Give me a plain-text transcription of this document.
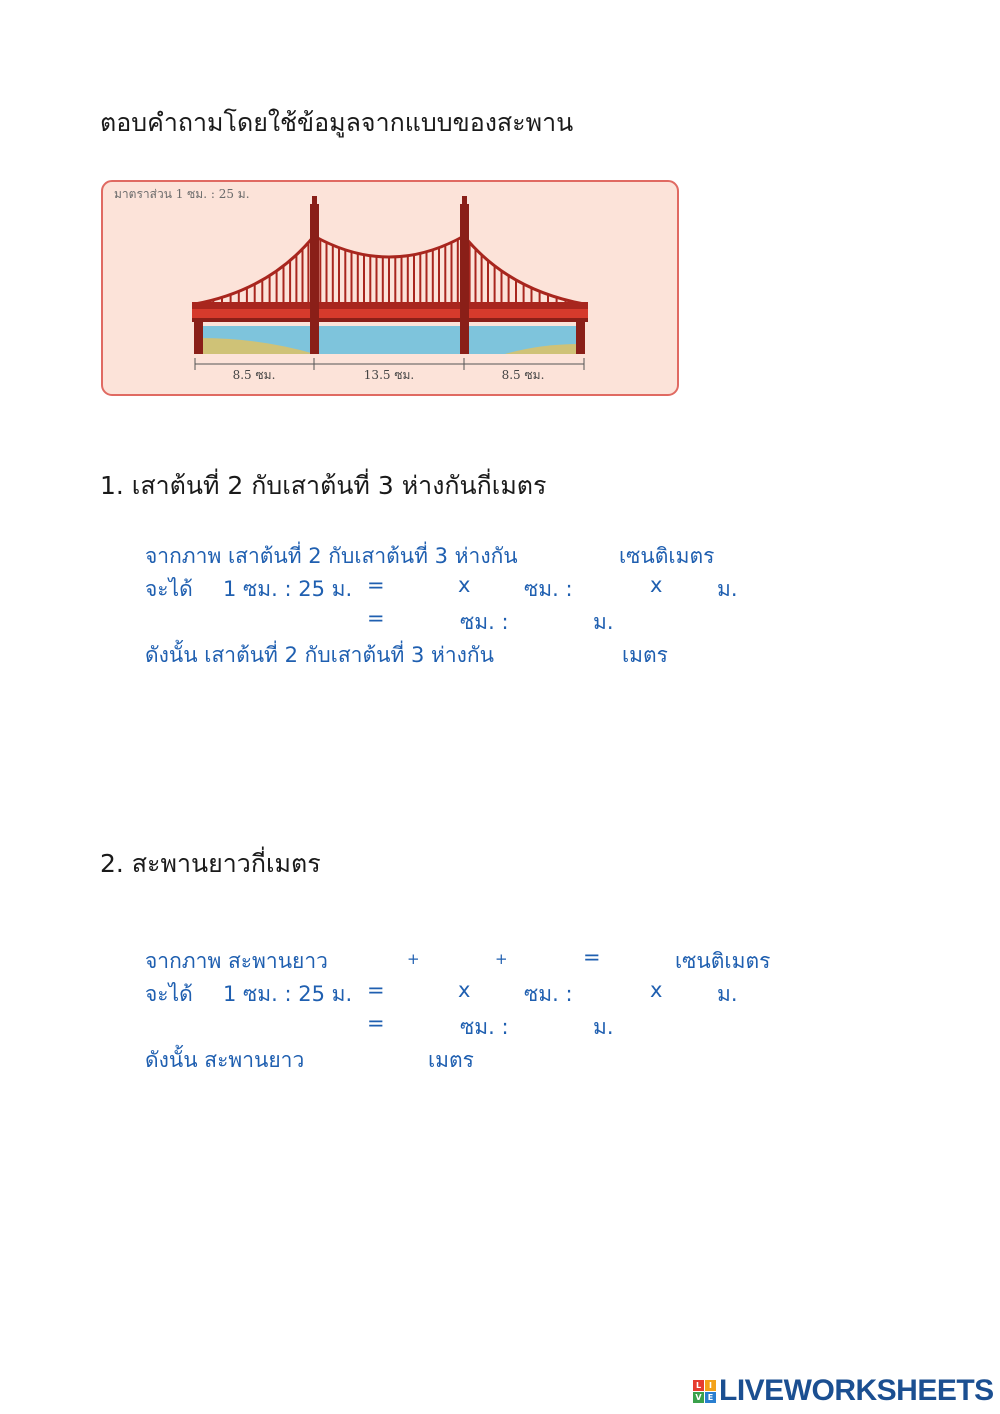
ตอบคำถามโดยใช้ข้อมูลจากแบบของสะพาน
มาตราส่วน 1 ซม. : 25 ม.
8.5 ซม.	13.5 ซม.	8.5 ซม.
1. เสาต้นที่ 2 กับเสาต้นที่ 3 ห่างกันกี่เมตร
จากภาพ เสาต้นที่ 2 กับเสาต้นที่ 3 ห่างกัน	เซนติเมตร
จะได้ 1 ซม. : 25 ม. =	x	ซม. :	x	ม.
=	ซม. :	ม.
ดังนั้น เสาต้นที่ 2 กับเสาต้นที่ 3 ห่างกัน	เมตร
2. สะพานยาวกี่เมตร
จากภาพ สะพานยาว	+	+	=	เซนติเมตร
จะได้ 1 ซม. : 25 ม. =	x	ซม. :	x	ม.
=	ซม. :	ม.
ดังนั้น สะพานยาว	เมตร
L I
V E LIVEWORKSHEETS
